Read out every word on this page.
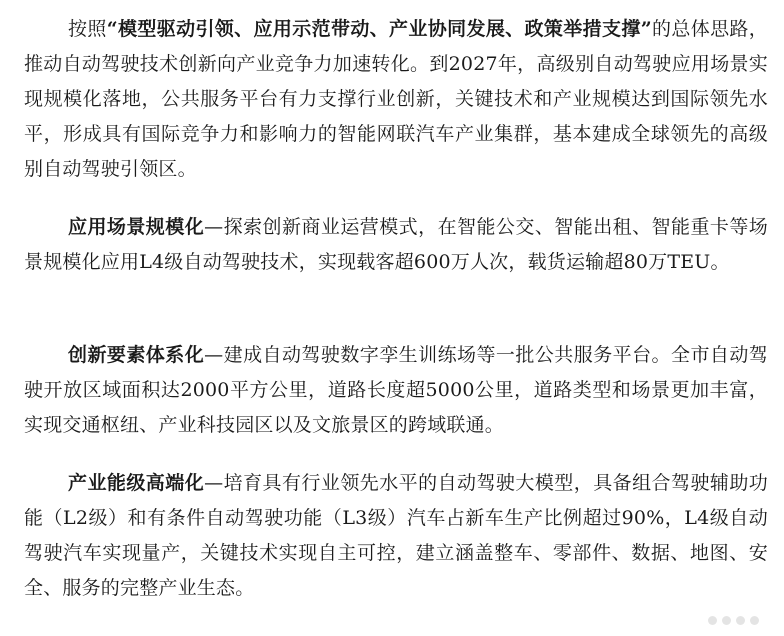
按照“模型驱动引领、应用示范带动、产业协同发展、政策举措支撑”的总体思路，推动自动驾驶技术创新向产业竞争力加速转化。到2027年，高级别自动驾驶应用场景实现规模化落地，公共服务平台有力支撑行业创新，关键技术和产业规模达到国际领先水平，形成具有国际竞争力和影响力的智能网联汽车产业集群，基本建成全球领先的高级别自动驾驶引领区。

应用场景规模化—探索创新商业运营模式，在智能公交、智能出租、智能重卡等场景规模化应用L4级自动驾驶技术，实现载客超600万人次，载货运输超80万TEU。

创新要素体系化—建成自动驾驶数字孪生训练场等一批公共服务平台。全市自动驾驶开放区域面积达2000平方公里，道路长度超5000公里，道路类型和场景更加丰富，实现交通枢纽、产业科技园区以及文旅景区的跨域联通。

产业能级高端化—培育具有行业领先水平的自动驾驶大模型，具备组合驾驶辅助功能（L2级）和有条件自动驾驶功能（L3级）汽车占新车生产比例超过90%，L4级自动驾驶汽车实现量产，关键技术实现自主可控，建立涵盖整车、零部件、数据、地图、安全、服务的完整产业生态。
